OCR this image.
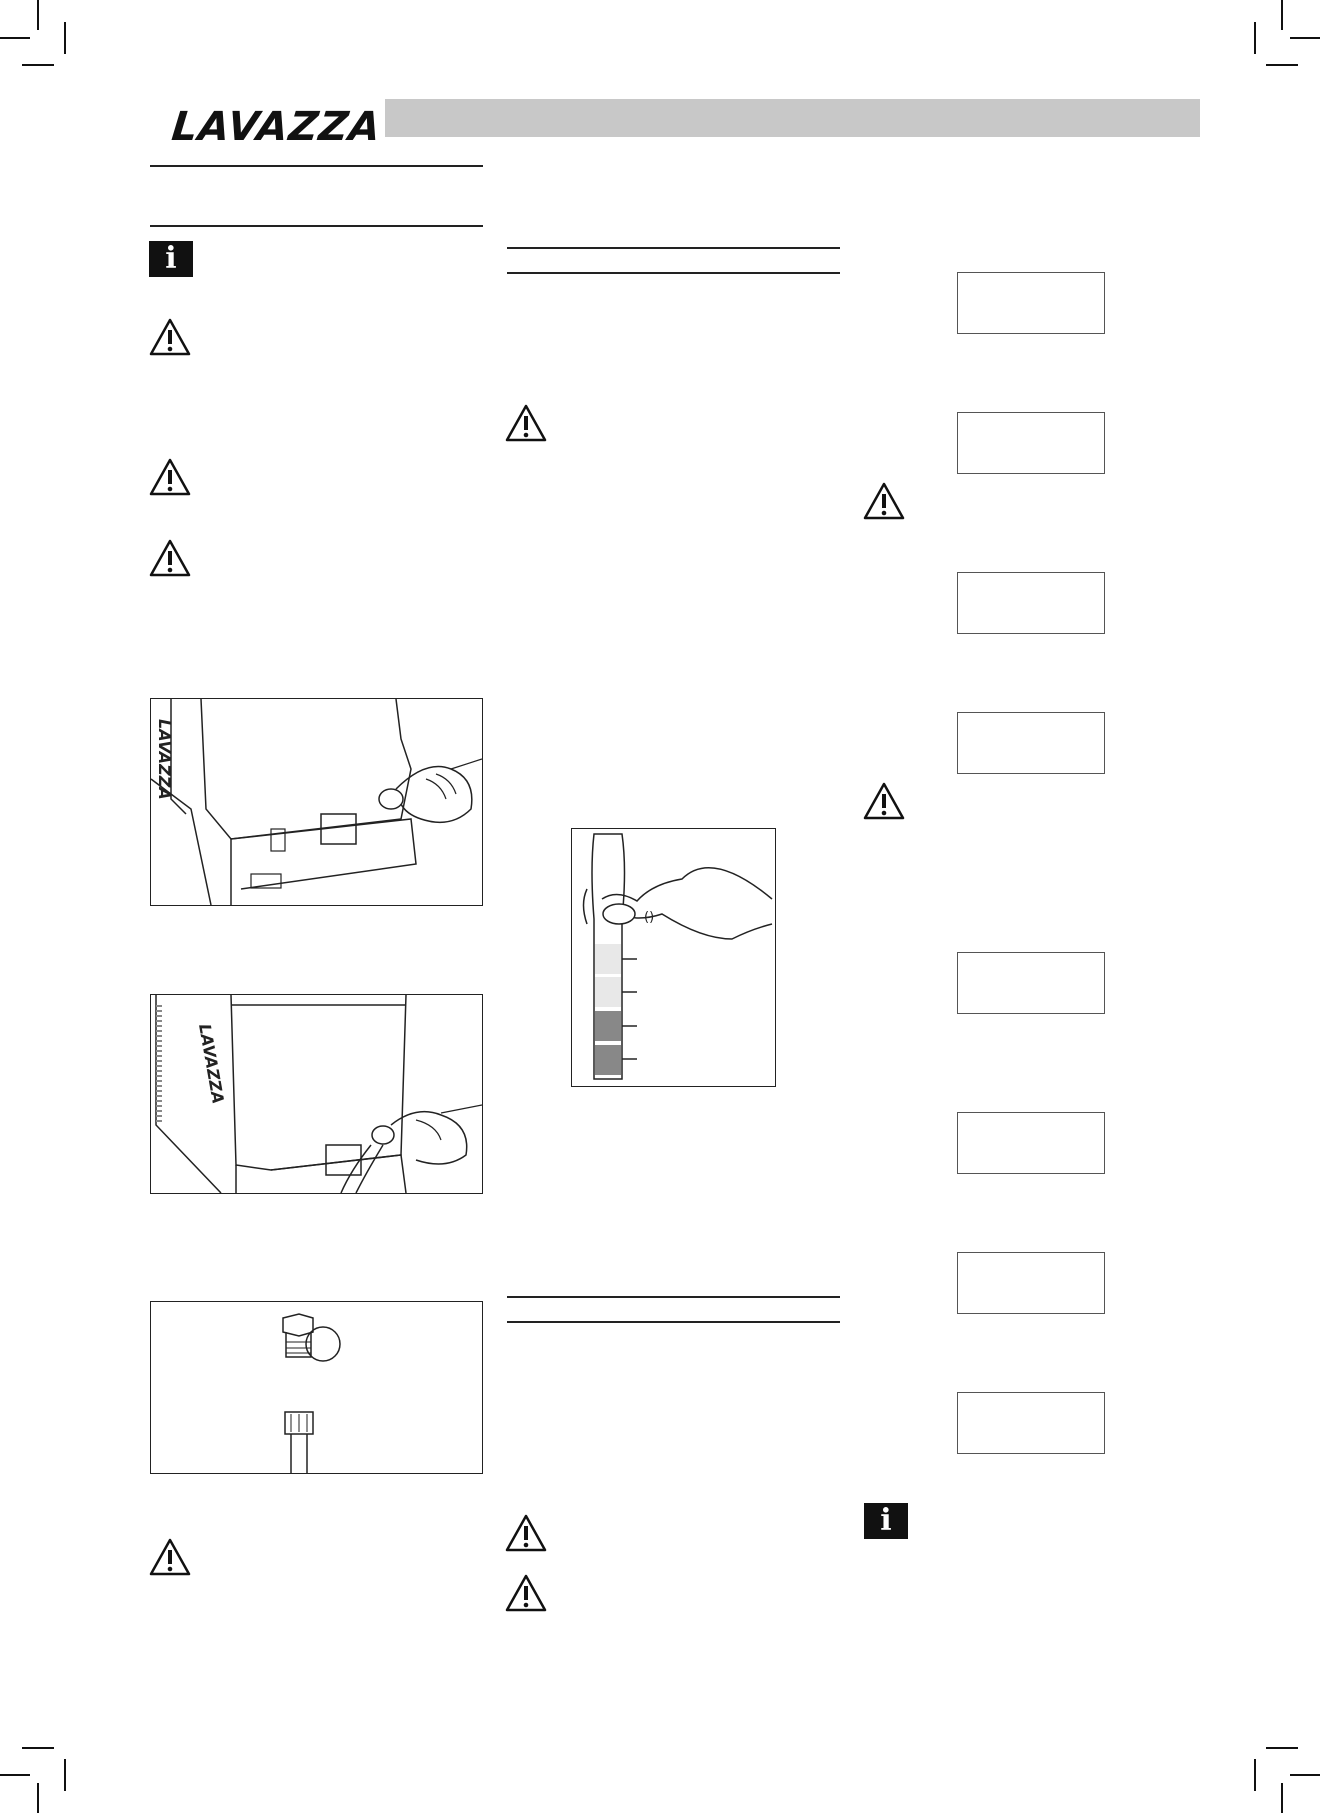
LAVAZZA
i
i
LAVAZZA
LAVAZZA
()
